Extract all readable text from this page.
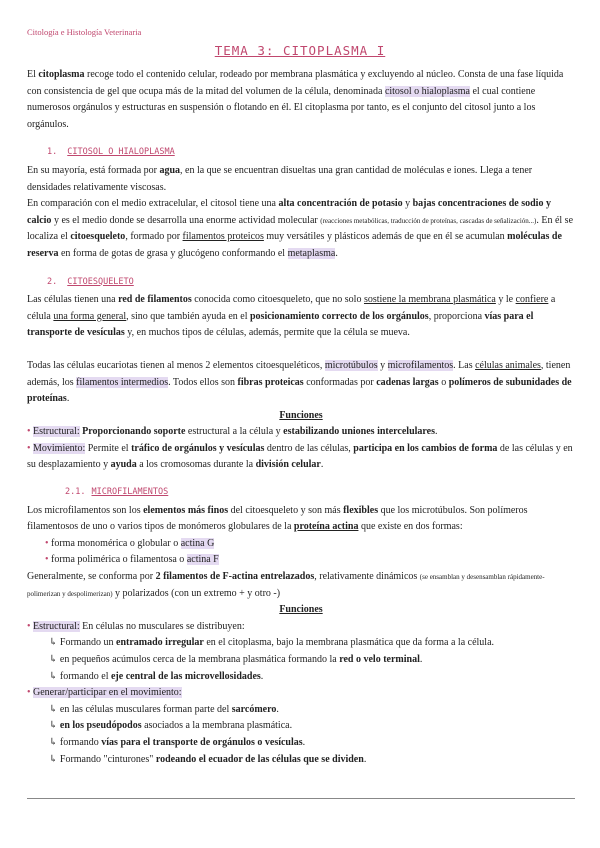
Citología e Histología Veterinaria
TEMA 3: CITOPLASMA I

El citoplasma recoge todo el contenido celular, rodeado por membrana plasmática y excluyendo al núcleo. Consta de una fase líquida con consistencia de gel que ocupa más de la mitad del volumen de la célula, denominada citosol o hialoplasma el cual contiene numerosos orgánulos y estructuras en suspensión o flotando en él. El citoplasma por tanto, es el conjunto del citosol junto a los orgánulos.

1. CITOSOL O HIALOPLASMA

En su mayoría, está formada por agua, en la que se encuentran disueltas una gran cantidad de moléculas e iones. Llega a tener densidades relativamente viscosas.

En comparación con el medio extracelular, el citosol tiene una alta concentración de potasio y bajas concentraciones de sodio y calcio y es el medio donde se desarrolla una enorme actividad molecular (reacciones metabólicas, traducción de proteínas, cascadas de señalización...). En él se localiza el citoesqueleto, formado por filamentos proteicos muy versátiles y plásticos además de que en él se acumulan moléculas de reserva en forma de gotas de grasa y glucógeno conformando el metaplasma.

2. CITOESQUELETO

Las células tienen una red de filamentos conocida como citoesqueleto, que no solo sostiene la membrana plasmática y le confiere a célula una forma general, sino que también ayuda en el posicionamiento correcto de los orgánulos, proporciona vías para el transporte de vesículas y, en muchos tipos de células, además, permite que la célula se mueva.

Todas las células eucariotas tienen al menos 2 elementos citoesqueléticos, microtúbulos y microfilamentos. Las células animales, tienen además, los filamentos intermedios. Todos ellos son fibras proteicas conformadas por cadenas largas o polímeros de subunidades de proteínas.

Funciones

• Estructural: Proporcionando soporte estructural a la célula y estabilizando uniones intercelulares.

• Movimiento: Permite el tráfico de orgánulos y vesículas dentro de las células, participa en los cambios de forma de las células y en su desplazamiento y ayuda a los cromosomas durante la división celular.

2.1. MICROFILAMENTOS

Los microfilamentos son los elementos más finos del citoesqueleto y son más flexibles que los microtúbulos. Son polímeros filamentosos de uno o varios tipos de monómeros globulares de la proteína actina que existe en dos formas:

• forma monomérica o globular o actina G

• forma polimérica o filamentosa o actina F

Generalmente, se conforma por 2 filamentos de F-actina entrelazados, relativamente dinámicos (se ensamblan y desensamblan rápidamente-polimerizan y despolimerizan) y polarizados (con un extremo + y otro -)

Funciones

• Estructural: En células no musculares se distribuyen:

↳ Formando un entramado irregular en el citoplasma, bajo la membrana plasmática que da forma a la célula.

↳ en pequeños acúmulos cerca de la membrana plasmática formando la red o velo terminal.

↳ formando el eje central de las microvellosidades.

• Generar/participar en el movimiento:

↳ en las células musculares forman parte del sarcómero.

↳ en los pseudópodos asociados a la membrana plasmática.

↳ formando vías para el transporte de orgánulos o vesículas.

↳ Formando "cinturones" rodeando el ecuador de las células que se dividen.
